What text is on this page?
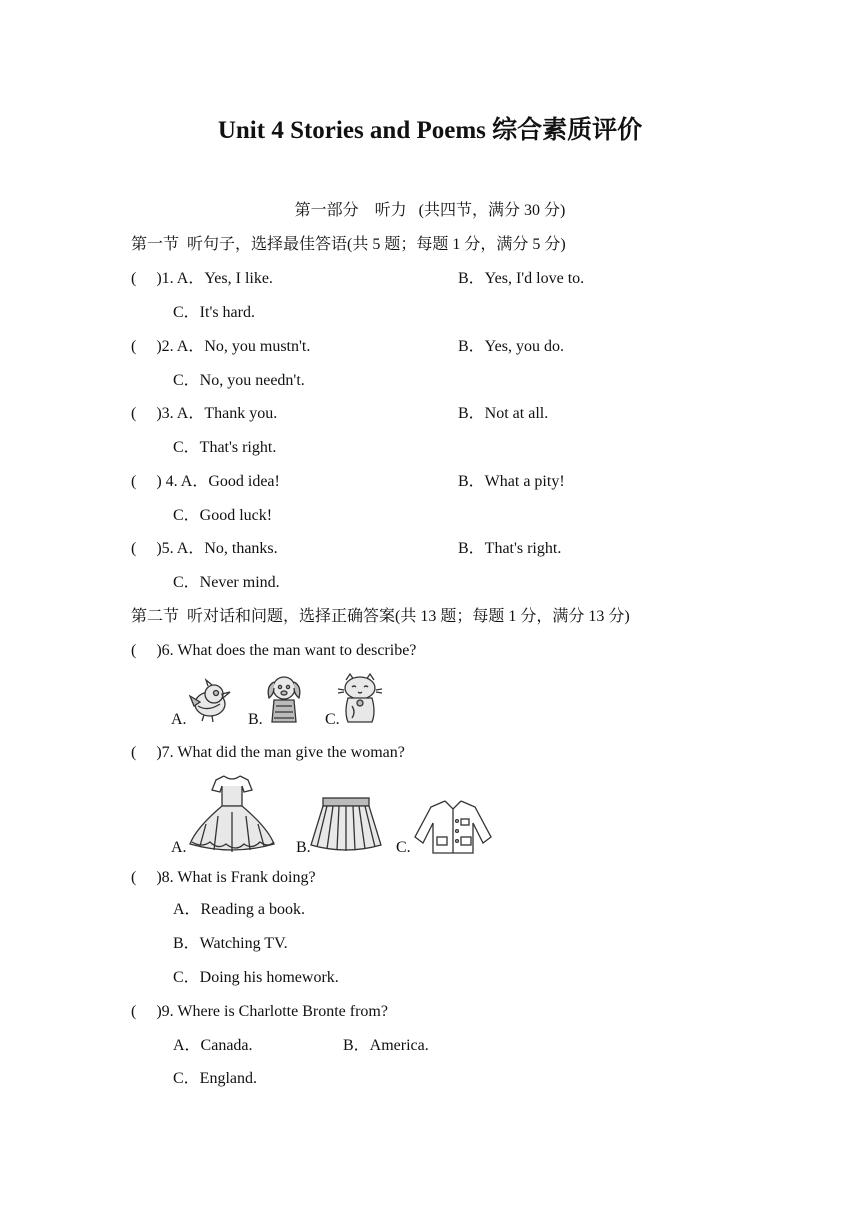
Unit 4 Stories and Poems 综合素质评价
第一部分    听力   (共四节，满分 30 分)
第一节  听句子，选择最佳答语(共 5 题；每题 1 分，满分 5 分)
(     )1. A．Yes, I like.	B．Yes, I'd love to.
C．It's hard.
(     )2. A．No, you mustn't.	B．Yes, you do.
C．No, you needn't.
(     )3. A．Thank you.	B．Not at all.
C．That's right.
(     ) 4. A．Good idea!	B．What a pity!
C．Good luck!
(     )5. A．No, thanks.	B．That's right.
C．Never mind.
第二节  听对话和问题，选择正确答案(共 13 题；每题 1 分，满分 13 分)
(     )6. What does the man want to describe?
A.	B.	C.
(     )7. What did the man give the woman?
A.	B.	C.
(     )8. What is Frank doing?
A．Reading a book.
B．Watching TV.
C．Doing his homework.
(     )9. Where is Charlotte Bronte from?
A．Canada.	B．America.
C．England.
